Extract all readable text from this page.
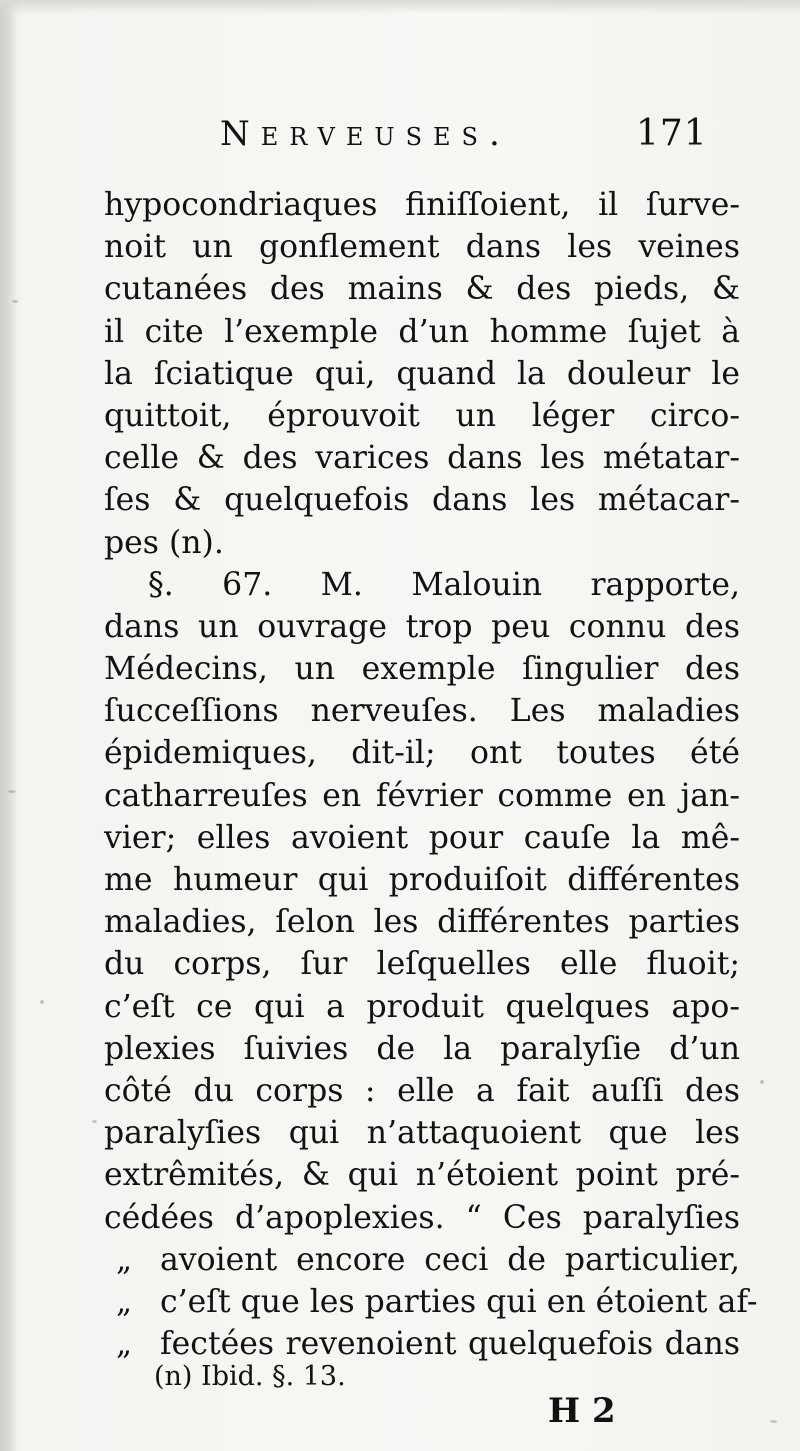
Nerveuses.	171
hypocondriaques finiſſoient, il ſurve-
noit un gonflement dans les veines
cutanées des mains & des pieds, &
il cite l’exemple d’un homme ſujet à
la ſciatique qui, quand la douleur le
quittoit, éprouvoit un léger circo-
celle & des varices dans les métatar-
ſes & quelquefois dans les métacar-
pes (n).
§. 67. M. Malouin rapporte,
dans un ouvrage trop peu connu des
Médecins, un exemple ſingulier des
ſucceſſions nerveuſes. Les maladies
épidemiques, dit-il; ont toutes été
catharreuſes en février comme en jan-
vier; elles avoient pour cauſe la mê-
me humeur qui produiſoit différentes
maladies, ſelon les différentes parties
du corps, ſur leſquelles elle fluoit;
c’eſt ce qui a produit quelques apo-
plexies ſuivies de la paralyſie d’un
côté du corps : elle a fait auſſi des
paralyſies qui n’attaquoient que les
extrêmités, & qui n’étoient point pré-
cédées d’apoplexies. “ Ces paralyſies
„ avoient encore ceci de particulier,
„ c’eſt que les parties qui en étoient af-
„ fectées revenoient quelquefois dans
(n) Ibid. §. 13.
H 2
